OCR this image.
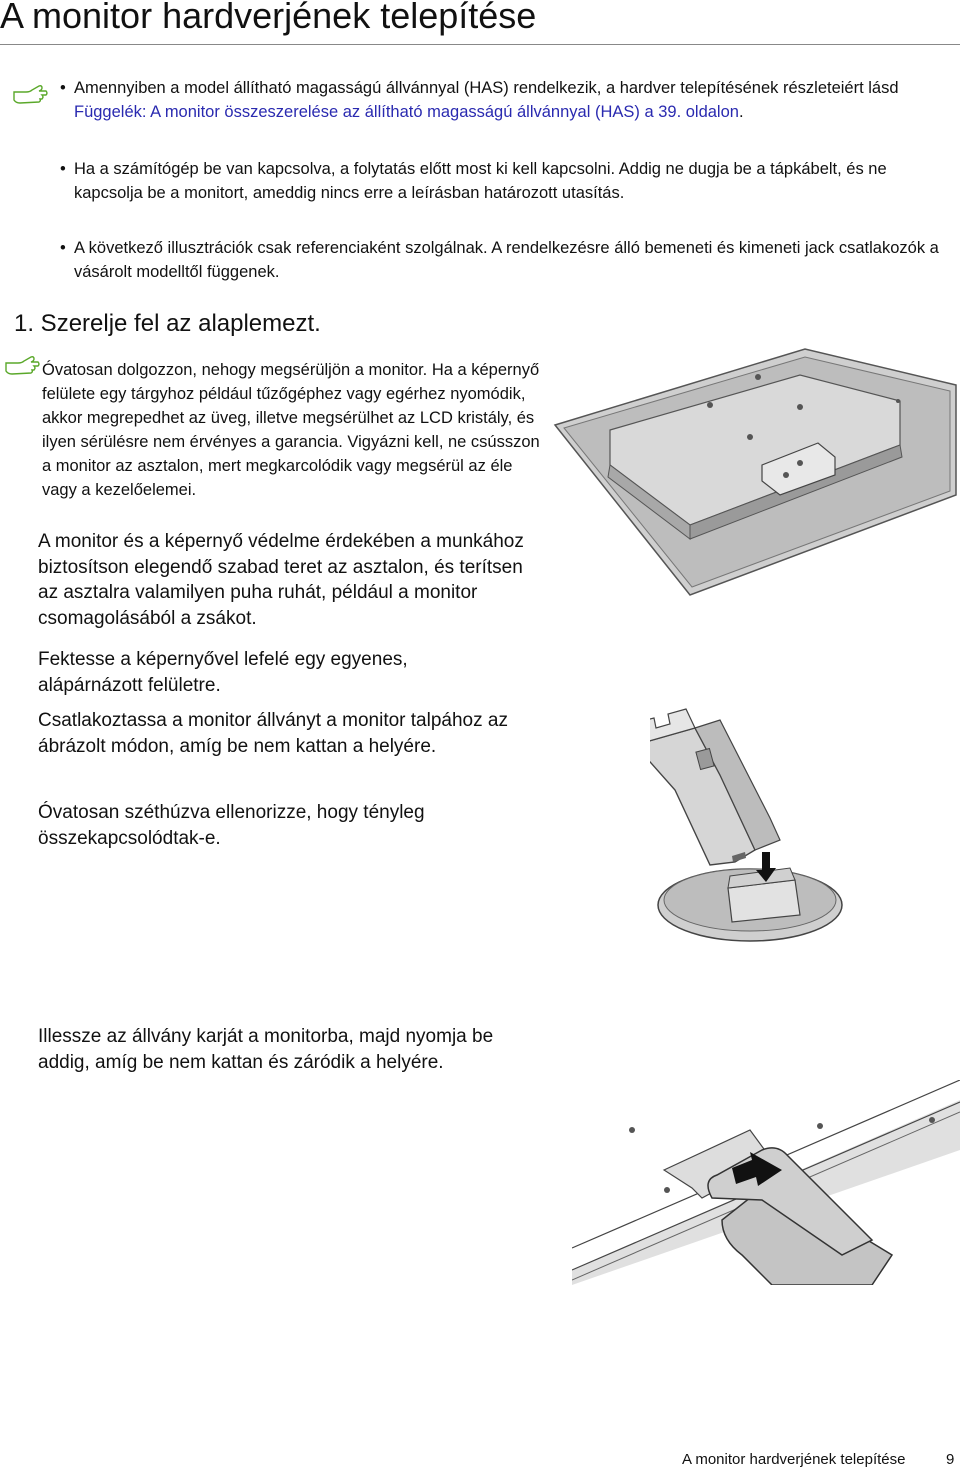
A monitor hardverjének telepítése
• Amennyiben a model állítható magasságú állvánnyal (HAS) rendelkezik, a hardver telepítésének részleteiért lásd Függelék: A monitor összeszerelése az állítható magasságú állvánnyal (HAS) a 39. oldalon.
• Ha a számítógép be van kapcsolva, a folytatás előtt most ki kell kapcsolni. Addig ne dugja be a tápkábelt, és ne kapcsolja be a monitort, ameddig nincs erre a leírásban határozott utasítás.
• A következő illusztrációk csak referenciaként szolgálnak. A rendelkezésre álló bemeneti és kimeneti jack csatlakozók a vásárolt modelltől függenek.
1. Szerelje fel az alaplemezt.
Óvatosan dolgozzon, nehogy megsérüljön a monitor. Ha a képernyő felülete egy tárgyhoz például tűzőgéphez vagy egérhez nyomódik, akkor megrepedhet az üveg, illetve megsérülhet az LCD kristály, és ilyen sérülésre nem érvényes a garancia. Vigyázni kell, ne csússzon a monitor az asztalon, mert megkarcolódik vagy megsérül az éle vagy a kezelőelemei.
A monitor és a képernyő védelme érdekében a munkához biztosítson elegendő szabad teret az asztalon, és terítsen az asztalra valamilyen puha ruhát, például a monitor csomagolásából a zsákot.
Fektesse a képernyővel lefelé egy egyenes, alápárnázott felületre.
Csatlakoztassa a monitor állványt a monitor talpához az ábrázolt módon, amíg be nem kattan a helyére.
Óvatosan széthúzva ellenorizze, hogy tényleg összekapcsolódtak-e.
Illessze az állvány karját a monitorba, majd nyomja be addig, amíg be nem kattan és záródik a helyére.
A monitor hardverjének telepítése	9
